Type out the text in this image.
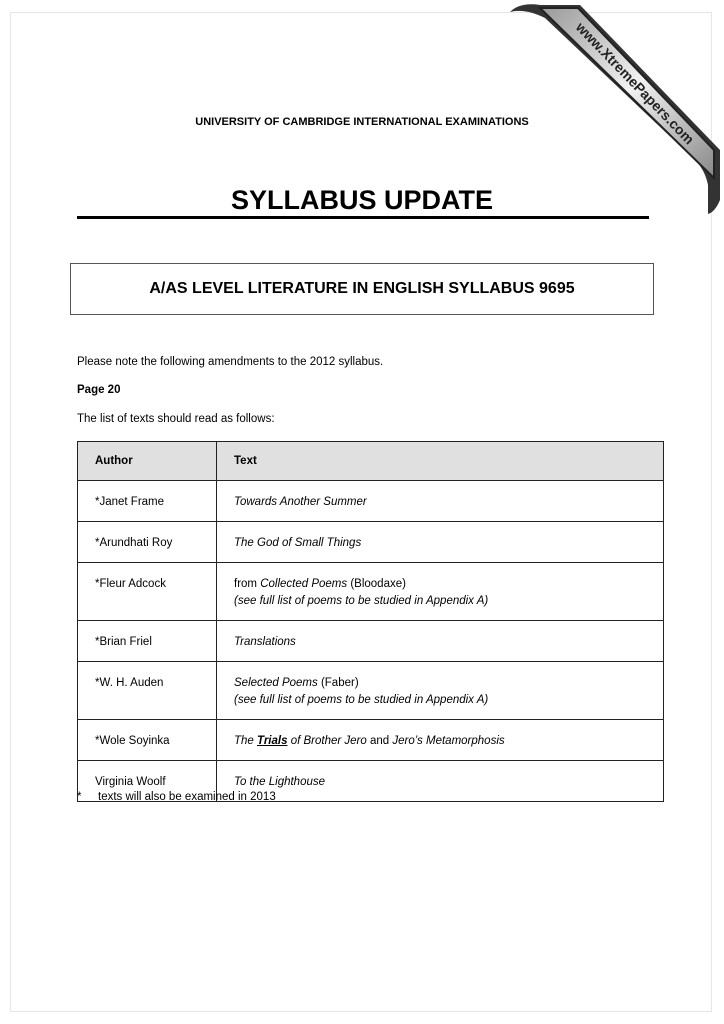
www.XtremePapers.com
UNIVERSITY OF CAMBRIDGE INTERNATIONAL EXAMINATIONS
SYLLABUS UPDATE
A/AS LEVEL LITERATURE IN ENGLISH SYLLABUS 9695
Please note the following amendments to the 2012 syllabus.
Page 20
The list of texts should read as follows:
Author	Text
*Janet Frame	Towards Another Summer
*Arundhati Roy	The God of Small Things
*Fleur Adcock	from Collected Poems (Bloodaxe)
(see full list of poems to be studied in Appendix A)
*Brian Friel	Translations
*W. H. Auden	Selected Poems (Faber)
(see full list of poems to be studied in Appendix A)
*Wole Soyinka	The Trials of Brother Jero and Jero’s Metamorphosis
Virginia Woolf	To the Lighthouse
* texts will also be examined in 2013
